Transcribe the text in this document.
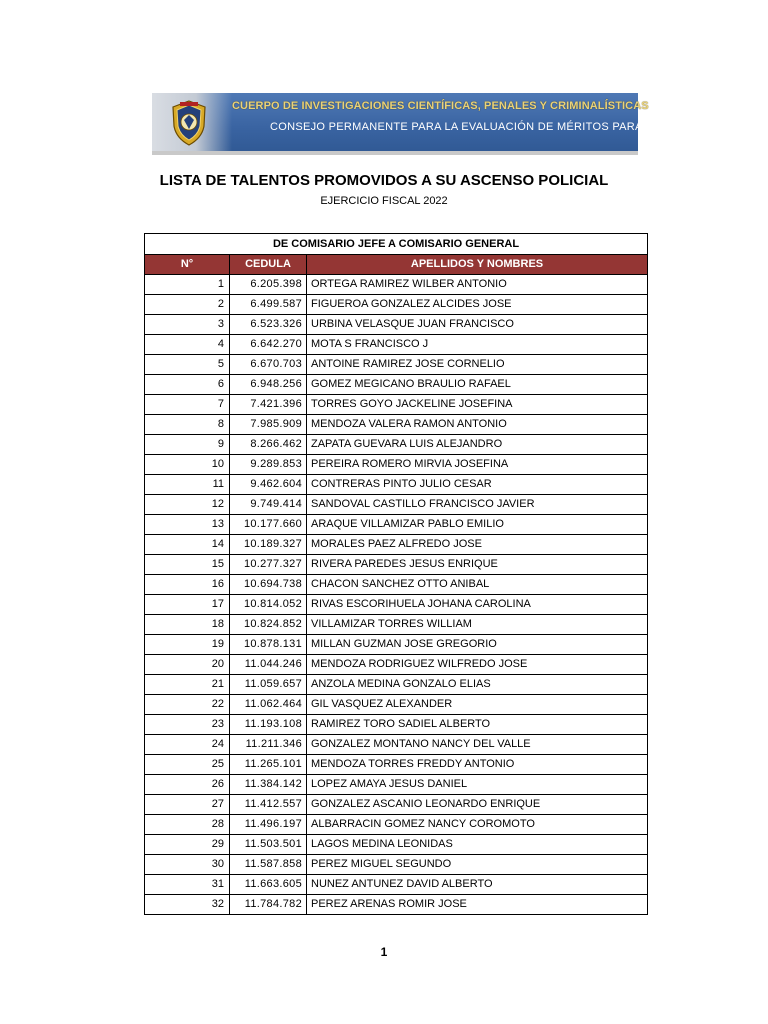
CUERPO DE INVESTIGACIONES CIENTÍFICAS, PENALES Y CRIMINALÍSTICAS
CONSEJO PERMANENTE PARA LA EVALUACIÓN DE MÉRITOS PARA ASCENSOS
LISTA DE TALENTOS PROMOVIDOS A SU ASCENSO POLICIAL
EJERCICIO FISCAL 2022
DE COMISARIO JEFE A COMISARIO GENERAL		
N°	CEDULA	APELLIDOS Y NOMBRES
1	6.205.398	ORTEGA RAMIREZ WILBER ANTONIO
2	6.499.587	FIGUEROA GONZALEZ ALCIDES JOSE
3	6.523.326	URBINA VELASQUE JUAN FRANCISCO
4	6.642.270	MOTA S FRANCISCO J
5	6.670.703	ANTOINE RAMIREZ JOSE CORNELIO
6	6.948.256	GOMEZ MEGICANO BRAULIO RAFAEL
7	7.421.396	TORRES GOYO JACKELINE JOSEFINA
8	7.985.909	MENDOZA VALERA RAMON ANTONIO
9	8.266.462	ZAPATA GUEVARA LUIS ALEJANDRO
10	9.289.853	PEREIRA ROMERO MIRVIA JOSEFINA
11	9.462.604	CONTRERAS PINTO JULIO CESAR
12	9.749.414	SANDOVAL CASTILLO FRANCISCO JAVIER
13	10.177.660	ARAQUE VILLAMIZAR PABLO EMILIO
14	10.189.327	MORALES PAEZ ALFREDO JOSE
15	10.277.327	RIVERA PAREDES JESUS ENRIQUE
16	10.694.738	CHACON SANCHEZ OTTO ANIBAL
17	10.814.052	RIVAS ESCORIHUELA JOHANA CAROLINA
18	10.824.852	VILLAMIZAR TORRES WILLIAM
19	10.878.131	MILLAN GUZMAN JOSE GREGORIO
20	11.044.246	MENDOZA RODRIGUEZ WILFREDO JOSE
21	11.059.657	ANZOLA MEDINA GONZALO ELIAS
22	11.062.464	GIL VASQUEZ ALEXANDER
23	11.193.108	RAMIREZ TORO SADIEL ALBERTO
24	11.211.346	GONZALEZ MONTANO NANCY DEL VALLE
25	11.265.101	MENDOZA TORRES FREDDY ANTONIO
26	11.384.142	LOPEZ AMAYA JESUS DANIEL
27	11.412.557	GONZALEZ ASCANIO LEONARDO ENRIQUE
28	11.496.197	ALBARRACIN GOMEZ NANCY COROMOTO
29	11.503.501	LAGOS MEDINA LEONIDAS
30	11.587.858	PEREZ MIGUEL SEGUNDO
31	11.663.605	NUNEZ ANTUNEZ DAVID ALBERTO
32	11.784.782	PEREZ ARENAS ROMIR JOSE
1
